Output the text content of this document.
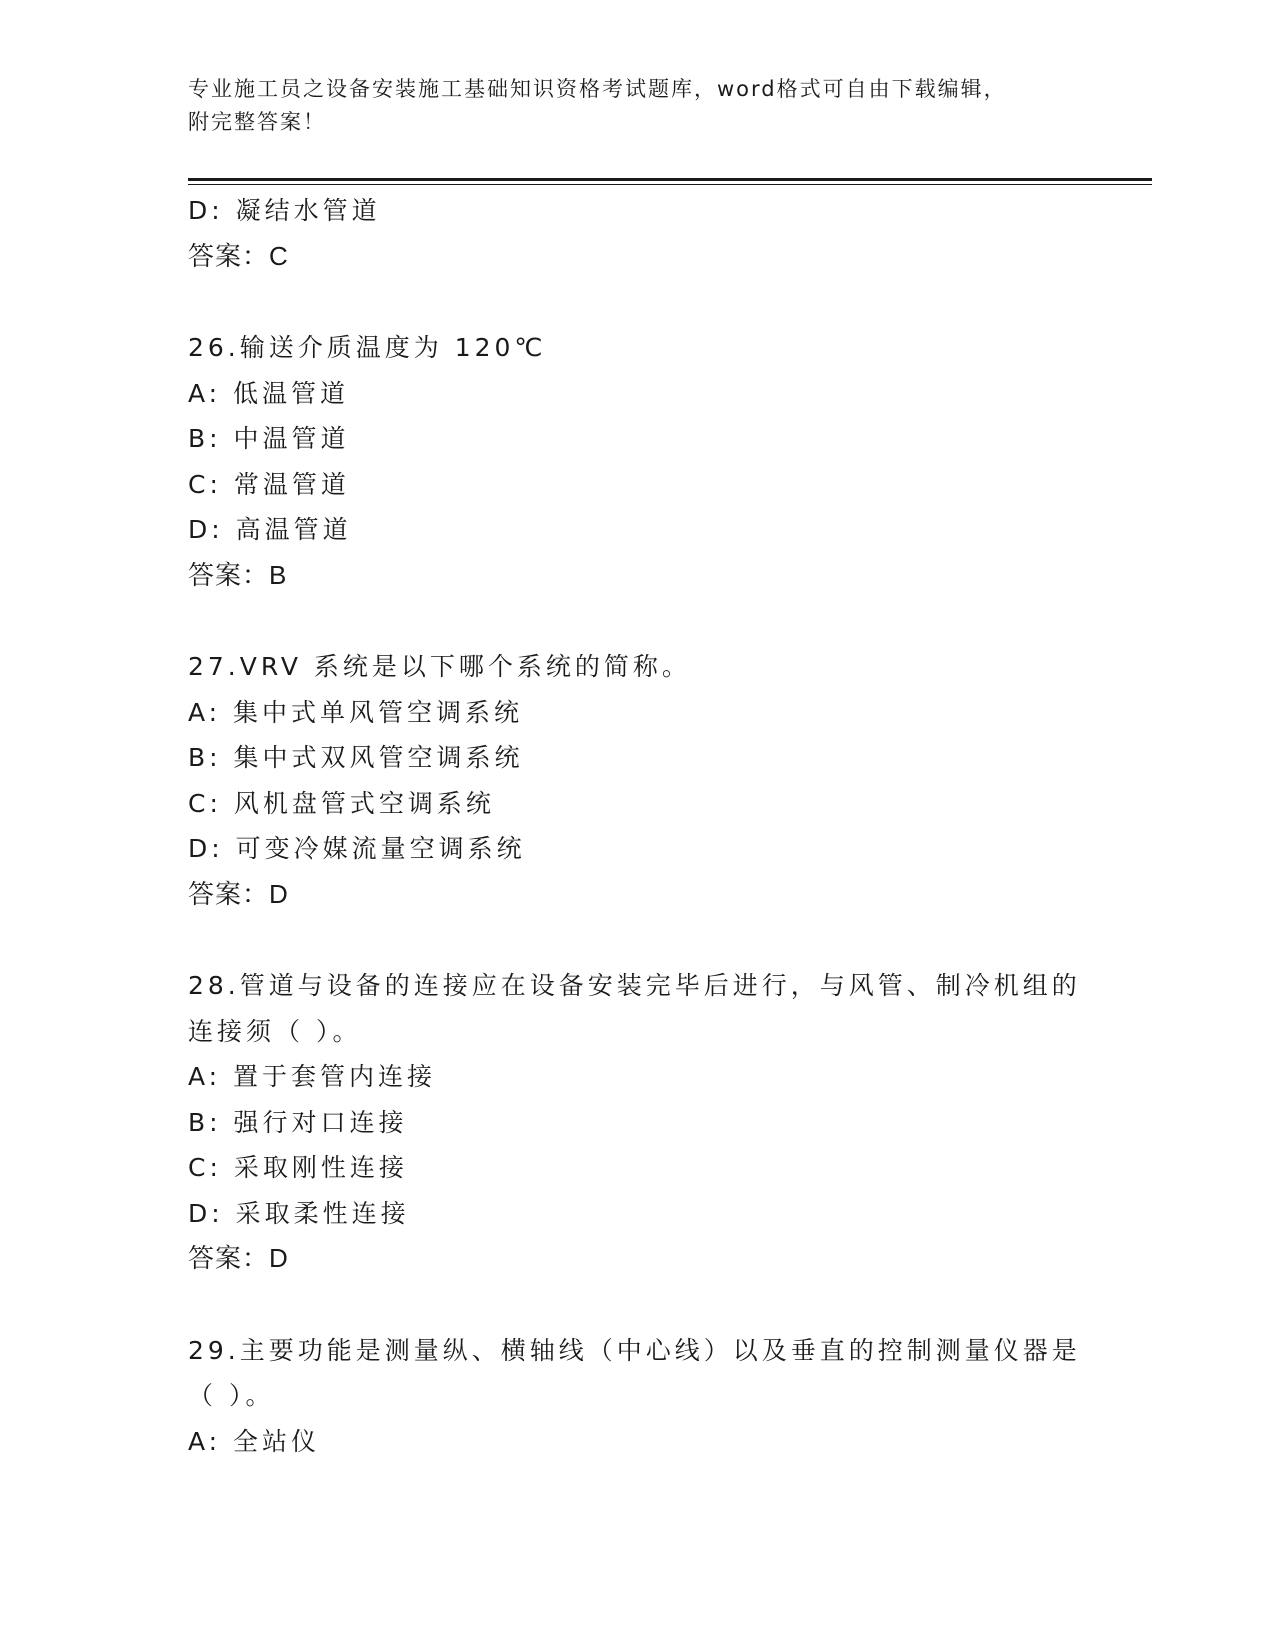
专业施工员之设备安装施工基础知识资格考试题库，word格式可自由下载编辑，
附完整答案！
D: 凝结水管道
答案：C
26.输送介质温度为 120℃
A: 低温管道
B: 中温管道
C: 常温管道
D: 高温管道
答案：B
27.VRV 系统是以下哪个系统的简称。
A: 集中式单风管空调系统
B: 集中式双风管空调系统
C: 风机盘管式空调系统
D: 可变冷媒流量空调系统
答案：D
28.管道与设备的连接应在设备安装完毕后进行，与风管、制冷机组的
连接须（ ）。
A: 置于套管内连接
B: 强行对口连接
C: 采取刚性连接
D: 采取柔性连接
答案：D
29.主要功能是测量纵、横轴线（中心线）以及垂直的控制测量仪器是
（ ）。
A: 全站仪
